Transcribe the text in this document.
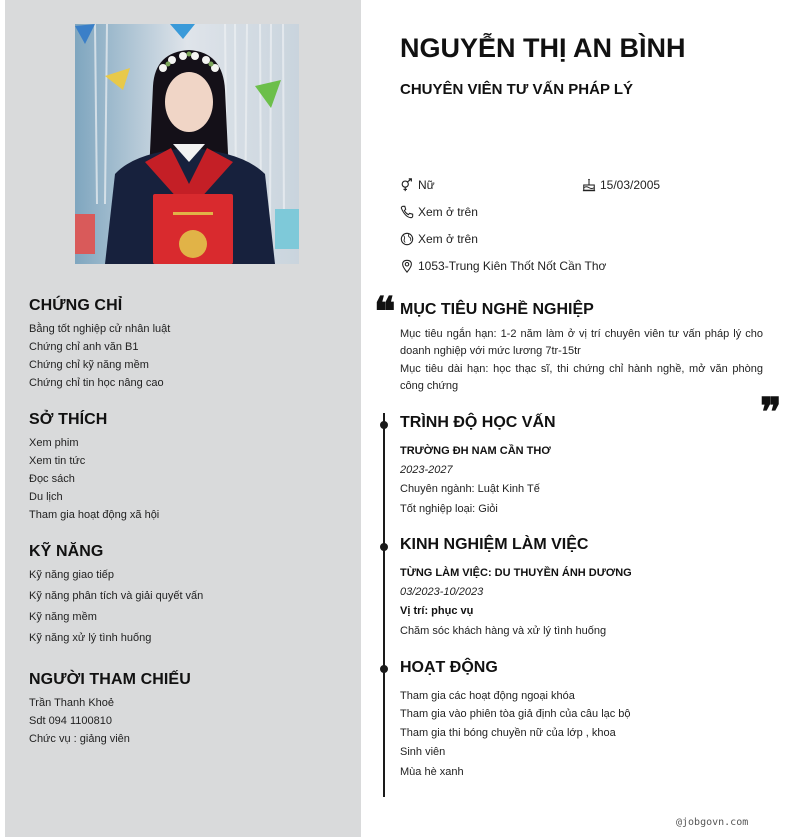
CHỨNG CHỈ
Bằng tốt nghiệp cử nhân luật
Chứng chỉ anh văn B1
Chứng chỉ kỹ năng mềm
Chứng chỉ tin học nâng cao
SỞ THÍCH
Xem phim
Xem tin tức
Đọc sách
Du lịch
Tham gia hoạt động xã hội
KỸ NĂNG
Kỹ năng giao tiếp
Kỹ năng phân tích và giải quyết vấn
Kỹ năng mềm
Kỹ năng xử lý tình huống
NGƯỜI THAM CHIẾU
Trần Thanh Khoẻ
Sdt 094 1100810
Chức vụ : giảng viên
NGUYỄN THỊ AN BÌNH
CHUYÊN VIÊN TƯ VẤN PHÁP LÝ
Nữ	15/03/2005
Xem ở trên
Xem ở trên
1053-Trung Kiên Thốt Nốt Cần Thơ
❝ MỤC TIÊU NGHỀ NGHIỆP

Mục tiêu ngắn hạn: 1-2 năm làm ở vị trí chuyên viên tư vấn pháp lý cho doanh nghiệp với mức lương 7tr-15tr

Mục tiêu dài hạn: học thạc sĩ, thi chứng chỉ hành nghề, mở văn phòng công chứng

❞
TRÌNH ĐỘ HỌC VẤN
TRƯỜNG ĐH NAM CẦN THƠ
2023-2027
Chuyên ngành: Luật Kinh Tế
Tốt nghiệp loại: Giỏi
KINH NGHIỆM LÀM VIỆC
TỪNG LÀM VIỆC: DU THUYỀN ÁNH DƯƠNG
03/2023-10/2023
Vị trí: phục vụ
Chăm sóc khách hàng và xử lý tình huống
HOẠT ĐỘNG
Tham gia các hoạt động ngoại khóa
Tham gia vào phiên tòa giả định của câu lạc bộ
Tham gia thi bóng chuyền nữ của lớp , khoa
Sinh viên
Mùa hè xanh
@jobgovn.com
